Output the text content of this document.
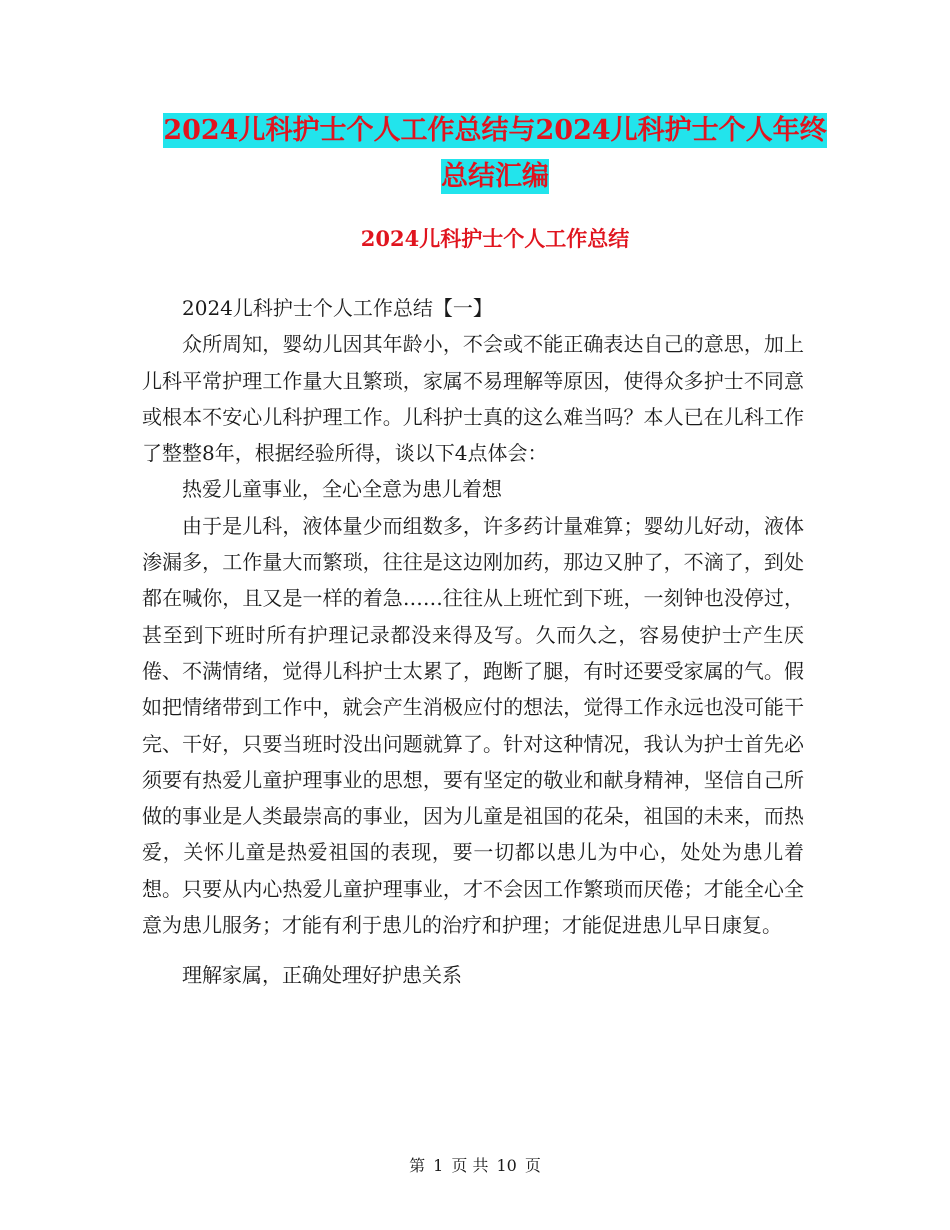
2024儿科护士个人工作总结与2024儿科护士个人年终
总结汇编
2024儿科护士个人工作总结

2024儿科护士个人工作总结【一】

众所周知，婴幼儿因其年龄小，不会或不能正确表达自己的意思，加上儿科平常护理工作量大且繁琐，家属不易理解等原因，使得众多护士不同意或根本不安心儿科护理工作。儿科护士真的这么难当吗？本人已在儿科工作了整整8年，根据经验所得，谈以下4点体会：

热爱儿童事业，全心全意为患儿着想

由于是儿科，液体量少而组数多，许多药计量难算；婴幼儿好动，液体渗漏多，工作量大而繁琐，往往是这边刚加药，那边又肿了，不滴了，到处都在喊你，且又是一样的着急……往往从上班忙到下班，一刻钟也没停过，甚至到下班时所有护理记录都没来得及写。久而久之，容易使护士产生厌倦、不满情绪，觉得儿科护士太累了，跑断了腿，有时还要受家属的气。假如把情绪带到工作中，就会产生消极应付的想法，觉得工作永远也没可能干完、干好，只要当班时没出问题就算了。针对这种情况，我认为护士首先必须要有热爱儿童护理事业的思想，要有坚定的敬业和献身精神，坚信自己所做的事业是人类最崇高的事业，因为儿童是祖国的花朵，祖国的未来，而热爱，关怀儿童是热爱祖国的表现，要一切都以患儿为中心，处处为患儿着想。只要从内心热爱儿童护理事业，才不会因工作繁琐而厌倦；才能全心全意为患儿服务；才能有利于患儿的治疗和护理；才能促进患儿早日康复。

理解家属，正确处理好护患关系

第 1 页 共 10 页
